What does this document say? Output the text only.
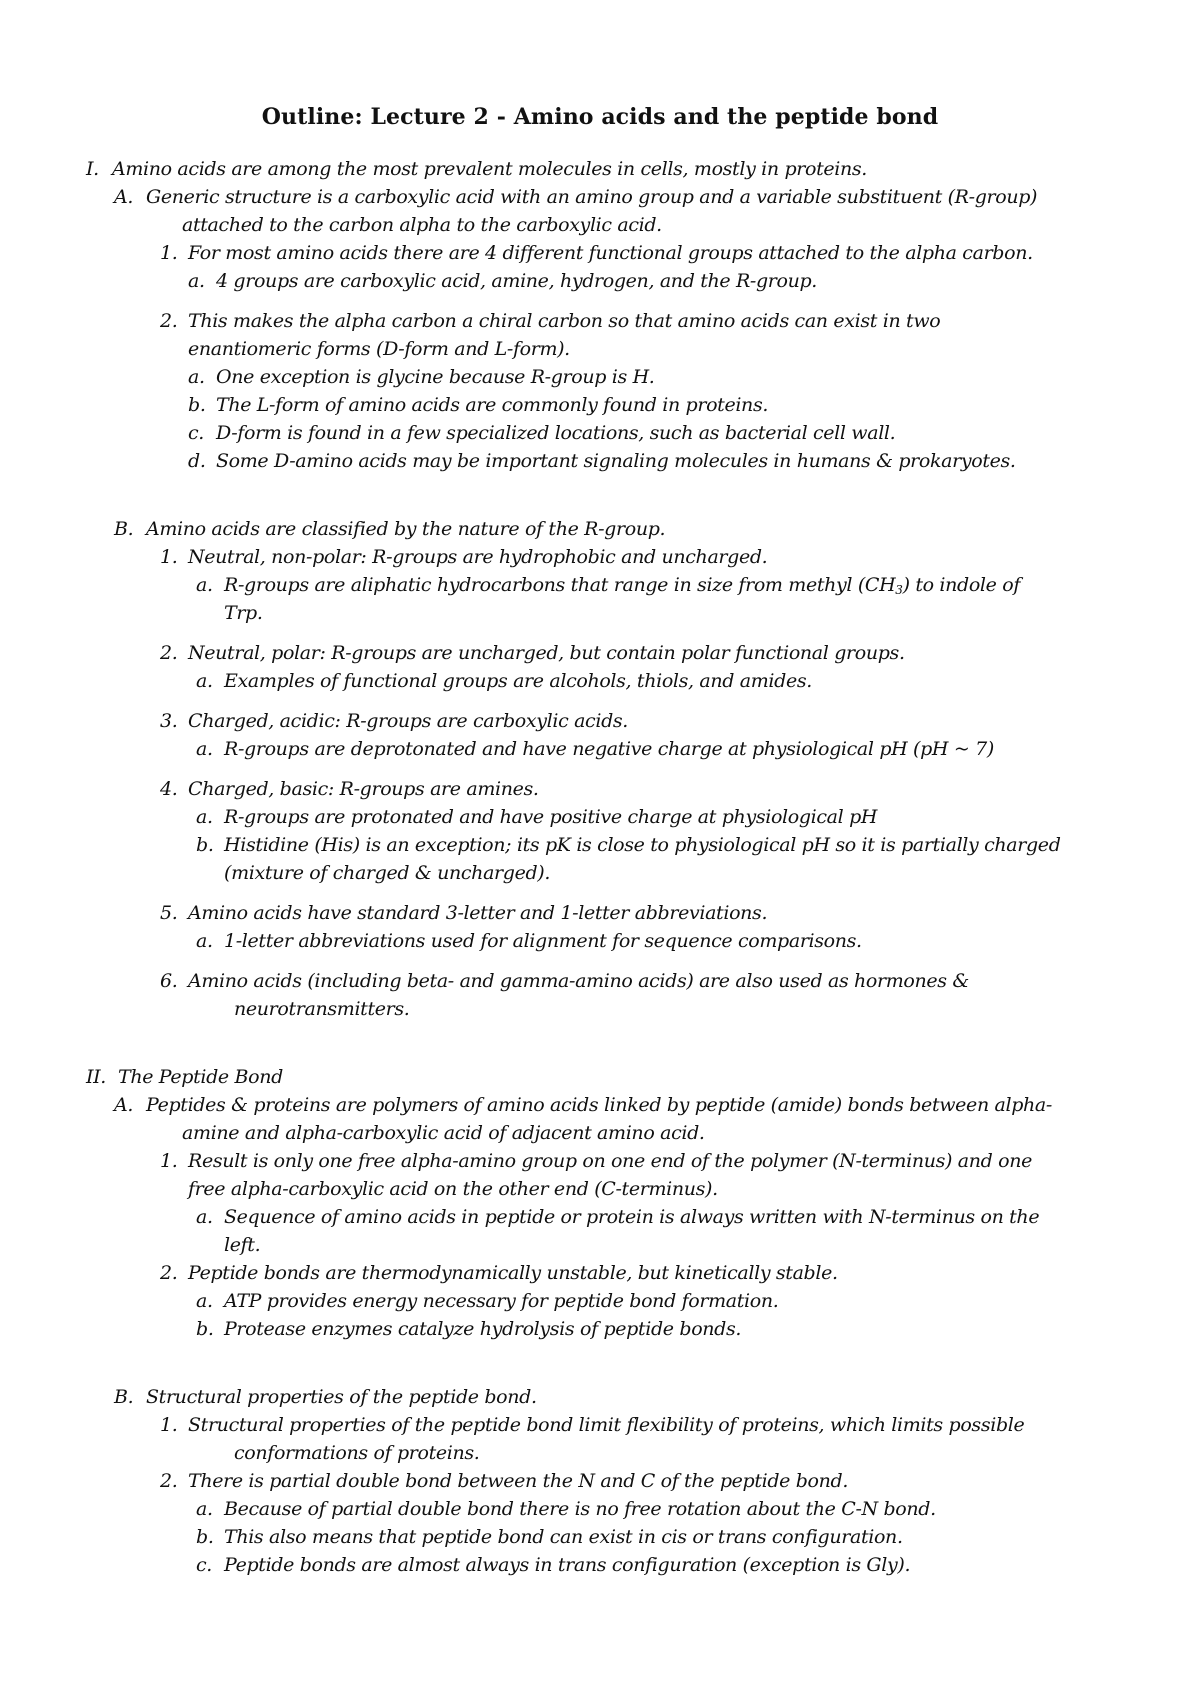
Outline: Lecture 2 - Amino acids and the peptide bond
I. Amino acids are among the most prevalent molecules in cells, mostly in proteins.
A. Generic structure is a carboxylic acid with an amino group and a variable substituent (R-group)
attached to the carbon alpha to the carboxylic acid.
1. For most amino acids there are 4 different functional groups attached to the alpha carbon.
a. 4 groups are carboxylic acid, amine, hydrogen, and the R-group.
2. This makes the alpha carbon a chiral carbon so that amino acids can exist in two
enantiomeric forms (D-form and L-form).
a. One exception is glycine because R-group is H.
b. The L-form of amino acids are commonly found in proteins.
c. D-form is found in a few specialized locations, such as bacterial cell wall.
d. Some D-amino acids may be important signaling molecules in humans & prokaryotes.
B. Amino acids are classified by the nature of the R-group.
1. Neutral, non-polar: R-groups are hydrophobic and uncharged.
a. R-groups are aliphatic hydrocarbons that range in size from methyl $(CH_3)$ to indole of
Trp.
2. Neutral, polar: R-groups are uncharged, but contain polar functional groups.
a. Examples of functional groups are alcohols, thiols, and amides.
3. Charged, acidic: R-groups are carboxylic acids.
a. R-groups are deprotonated and have negative charge at physiological pH (pH ~ 7)
4. Charged, basic: R-groups are amines.
a. R-groups are protonated and have positive charge at physiological pH
b. Histidine (His) is an exception; its pK is close to physiological pH so it is partially charged
(mixture of charged & uncharged).
5. Amino acids have standard 3-letter and 1-letter abbreviations.
a. 1-letter abbreviations used for alignment for sequence comparisons.
6. Amino acids (including beta- and gamma-amino acids) are also used as hormones &
neurotransmitters.
II. The Peptide Bond
A. Peptides & proteins are polymers of amino acids linked by peptide (amide) bonds between alpha-
amine and alpha-carboxylic acid of adjacent amino acid.
1. Result is only one free alpha-amino group on one end of the polymer (N-terminus) and one
free alpha-carboxylic acid on the other end (C-terminus).
a. Sequence of amino acids in peptide or protein is always written with N-terminus on the
left.
2. Peptide bonds are thermodynamically unstable, but kinetically stable.
a. ATP provides energy necessary for peptide bond formation.
b. Protease enzymes catalyze hydrolysis of peptide bonds.
B. Structural properties of the peptide bond.
1. Structural properties of the peptide bond limit flexibility of proteins, which limits possible
conformations of proteins.
2. There is partial double bond between the N and C of the peptide bond.
a. Because of partial double bond there is no free rotation about the C-N bond.
b. This also means that peptide bond can exist in cis or trans configuration.
c. Peptide bonds are almost always in trans configuration (exception is Gly).
